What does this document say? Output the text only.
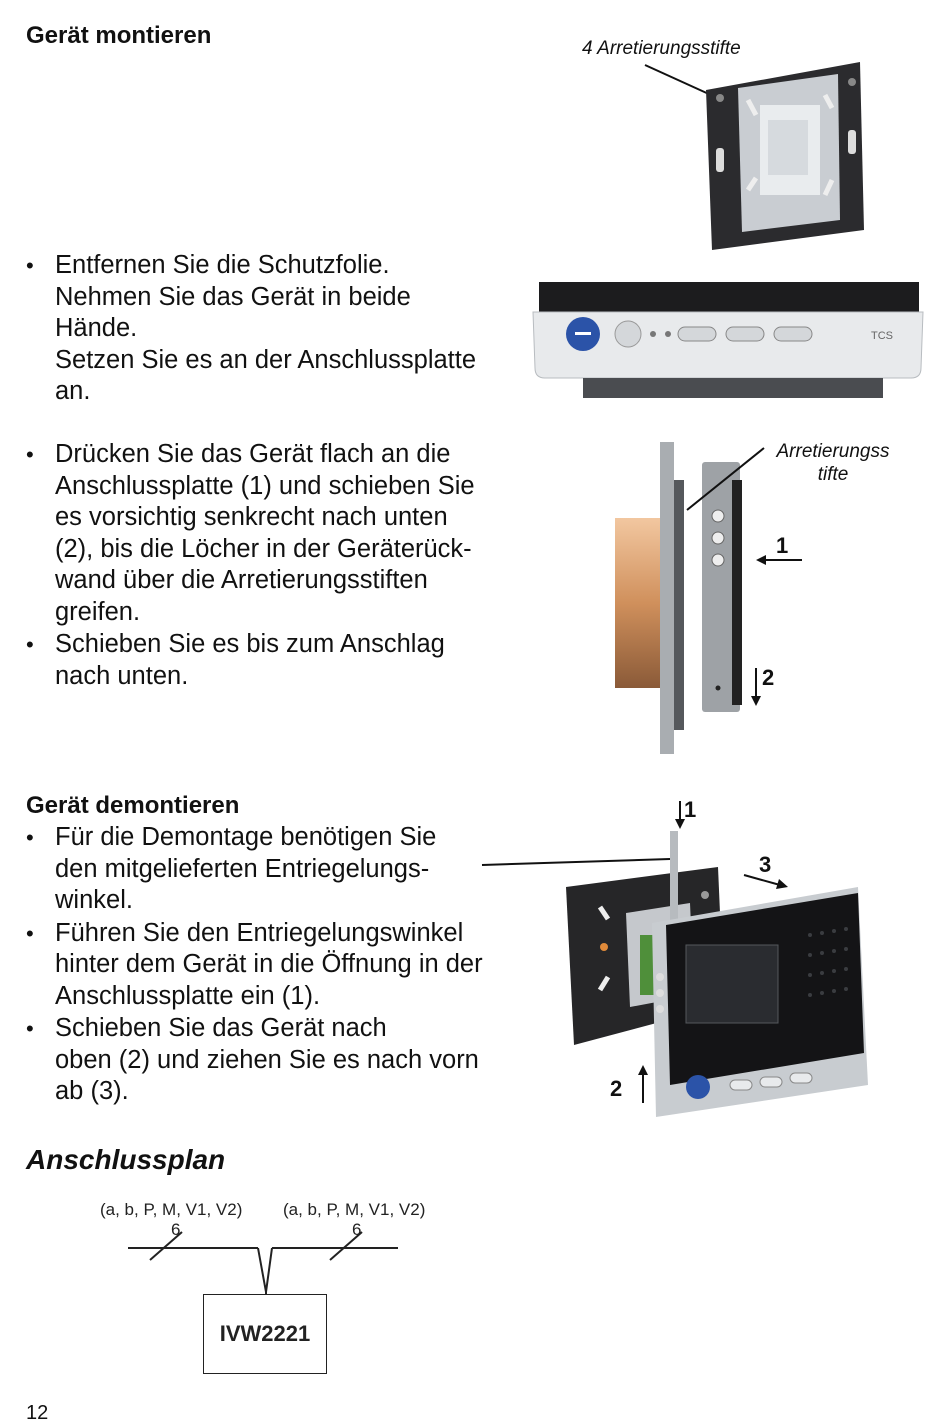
Gerät montieren	4 Arretierungsstifte
TCS
• Entfernen Sie die Schutzfolie.
Nehmen Sie das Gerät in beide
Hände.
Setzen Sie es an der Anschlussplatte
an.
• Drücken Sie das Gerät flach an die
Anschlussplatte (1) und schieben Sie
es vorsichtig senkrecht nach unten
(2), bis die Löcher in der Geräterück-
wand über die Arretierungsstiften
greifen.
• Schieben Sie es bis zum Anschlag
nach unten.
Arretierungss
tifte
1
2
Gerät demontieren
• Für die Demontage benötigen Sie
den mitgelieferten Entriegelungs-
winkel.
• Führen Sie den Entriegelungswinkel
hinter dem Gerät in die Öffnung in der
Anschlussplatte ein (1).
• Schieben Sie das Gerät nach
oben (2) und ziehen Sie es nach vorn
ab (3).
1
3
2
Anschlussplan
(a, b, P, M, V1, V2)
6
(a, b, P, M, V1, V2)
6
IVW2221
12
